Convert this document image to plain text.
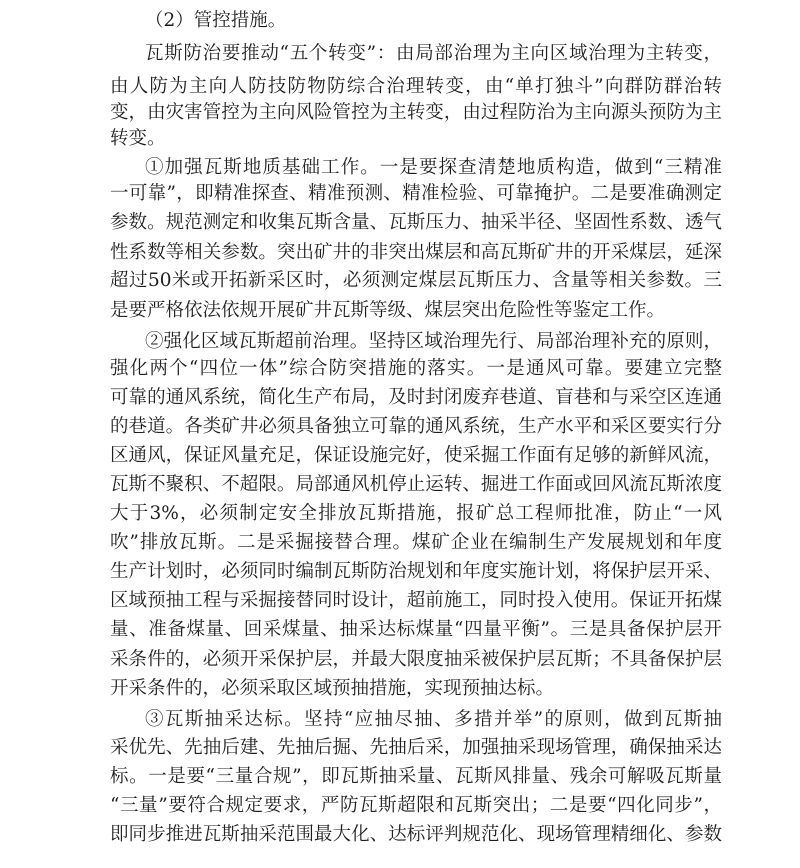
（2）管控措施。
瓦斯防治要推动“五个转变”：由局部治理为主向区域治理为主转变，
由人防为主向人防技防物防综合治理转变，由“单打独斗”向群防群治转
变，由灾害管控为主向风险管控为主转变，由过程防治为主向源头预防为主
转变。
①加强瓦斯地质基础工作。一是要探查清楚地质构造，做到“三精准
一可靠”，即精准探查、精准预测、精准检验、可靠掩护。二是要准确测定
参数。规范测定和收集瓦斯含量、瓦斯压力、抽采半径、坚固性系数、透气
性系数等相关参数。突出矿井的非突出煤层和高瓦斯矿井的开采煤层，延深
超过50米或开拓新采区时，必须测定煤层瓦斯压力、含量等相关参数。三
是要严格依法依规开展矿井瓦斯等级、煤层突出危险性等鉴定工作。
②强化区域瓦斯超前治理。坚持区域治理先行、局部治理补充的原则，
强化两个“四位一体”综合防突措施的落实。一是通风可靠。要建立完整
可靠的通风系统，简化生产布局，及时封闭废弃巷道、盲巷和与采空区连通
的巷道。各类矿井必须具备独立可靠的通风系统，生产水平和采区要实行分
区通风，保证风量充足，保证设施完好，使采掘工作面有足够的新鲜风流，
瓦斯不聚积、不超限。局部通风机停止运转、掘进工作面或回风流瓦斯浓度
大于3%，必须制定安全排放瓦斯措施，报矿总工程师批准，防止“一风
吹”排放瓦斯。二是采掘接替合理。煤矿企业在编制生产发展规划和年度
生产计划时，必须同时编制瓦斯防治规划和年度实施计划，将保护层开采、
区域预抽工程与采掘接替同时设计，超前施工，同时投入使用。保证开拓煤
量、准备煤量、回采煤量、抽采达标煤量“四量平衡”。三是具备保护层开
采条件的，必须开采保护层，并最大限度抽采被保护层瓦斯；不具备保护层
开采条件的，必须采取区域预抽措施，实现预抽达标。
③瓦斯抽采达标。坚持“应抽尽抽、多措并举”的原则，做到瓦斯抽
采优先、先抽后建、先抽后掘、先抽后采，加强抽采现场管理，确保抽采达
标。一是要“三量合规”，即瓦斯抽采量、瓦斯风排量、残余可解吸瓦斯量
“三量”要符合规定要求，严防瓦斯超限和瓦斯突出；二是要“四化同步”，
即同步推进瓦斯抽采范围最大化、达标评判规范化、现场管理精细化、参数
